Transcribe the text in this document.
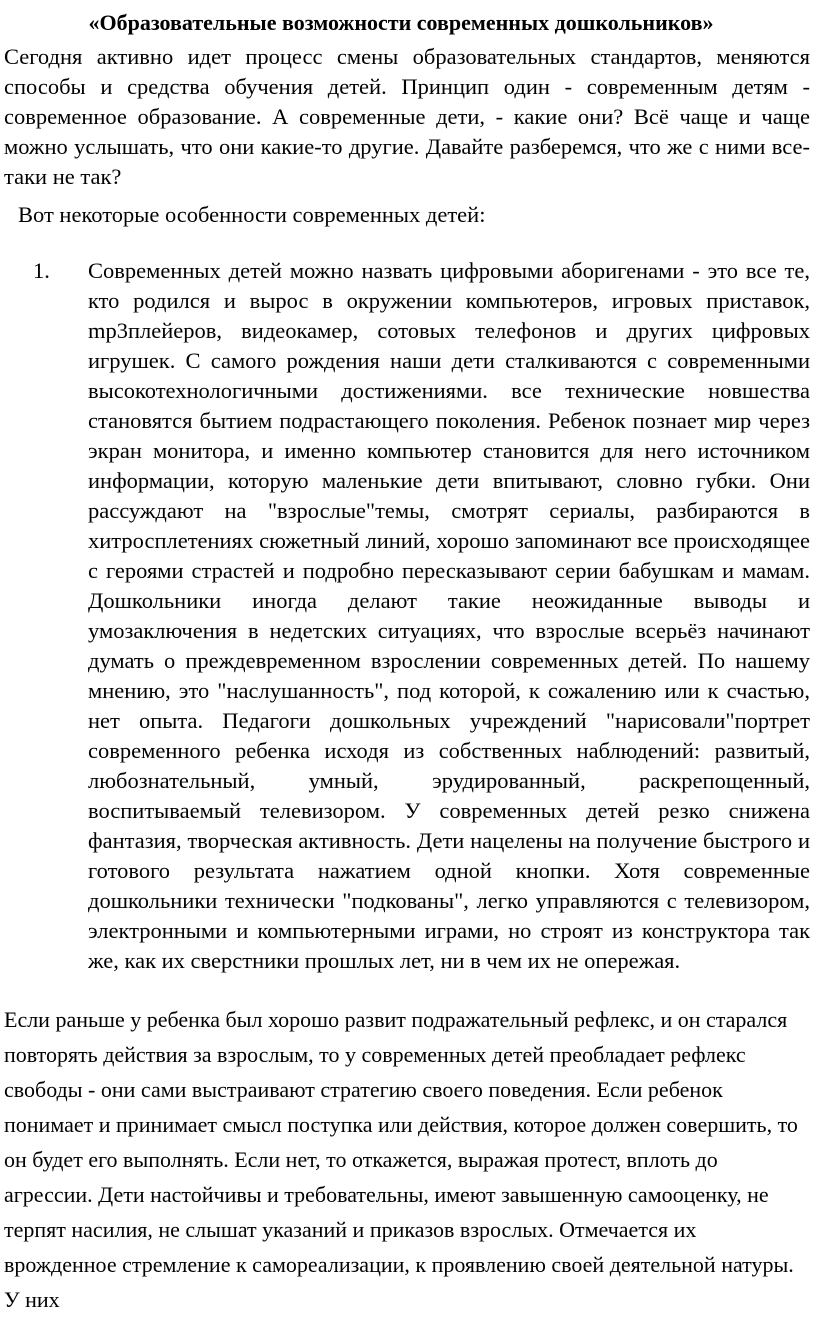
«Образовательные возможности современных дошкольников»

Сегодня активно идет процесс смены образовательных стандартов, меняются способы и средства обучения детей. Принцип один - современным детям - современное образование. А современные дети, - какие они? Всё чаще и чаще можно услышать, что они какие-то другие. Давайте разберемся, что же с ними все-таки не так?

Вот некоторые особенности современных детей:

1. Современных детей можно назвать цифровыми аборигенами - это все те, кто родился и вырос в окружении компьютеров, игровых приставок, mp3плейеров, видеокамер, сотовых телефонов и других цифровых игрушек. С самого рождения наши дети сталкиваются с современными высокотехнологичными достижениями. все технические новшества становятся бытием подрастающего поколения. Ребенок познает мир через экран монитора, и именно компьютер становится для него источником информации, которую маленькие дети впитывают, словно губки. Они рассуждают на "взрослые"темы, смотрят сериалы, разбираются в хитросплетениях сюжетный линий, хорошо запоминают все происходящее с героями страстей и подробно пересказывают серии бабушкам и мамам. Дошкольники иногда делают такие неожиданные выводы и умозаключения в недетских ситуациях, что взрослые всерьёз начинают думать о преждевременном взрослении современных детей. По нашему мнению, это "наслушанность", под которой, к сожалению или к счастью, нет опыта. Педагоги дошкольных учреждений "нарисовали"портрет современного ребенка исходя из собственных наблюдений: развитый, любознательный, умный, эрудированный, раскрепощенный, воспитываемый телевизором. У современных детей резко снижена фантазия, творческая активность. Дети нацелены на получение быстрого и готового результата нажатием одной кнопки. Хотя современные дошкольники технически "подкованы", легко управляются с телевизором, электронными и компьютерными играми, но строят из конструктора так же, как их сверстники прошлых лет, ни в чем их не опережая.

Если раньше у ребенка был хорошо развит подражательный рефлекс, и он старался повторять действия за взрослым, то у современных детей преобладает рефлекс свободы - они сами выстраивают стратегию своего поведения. Если ребенок понимает и принимает смысл поступка или действия, которое должен совершить, то он будет его выполнять. Если нет, то откажется, выражая протест, вплоть до агрессии. Дети настойчивы и требовательны, имеют завышенную самооценку, не терпят насилия, не слышат указаний и приказов взрослых. Отмечается их врожденное стремление к самореализации, к проявлению своей деятельной натуры. У них
